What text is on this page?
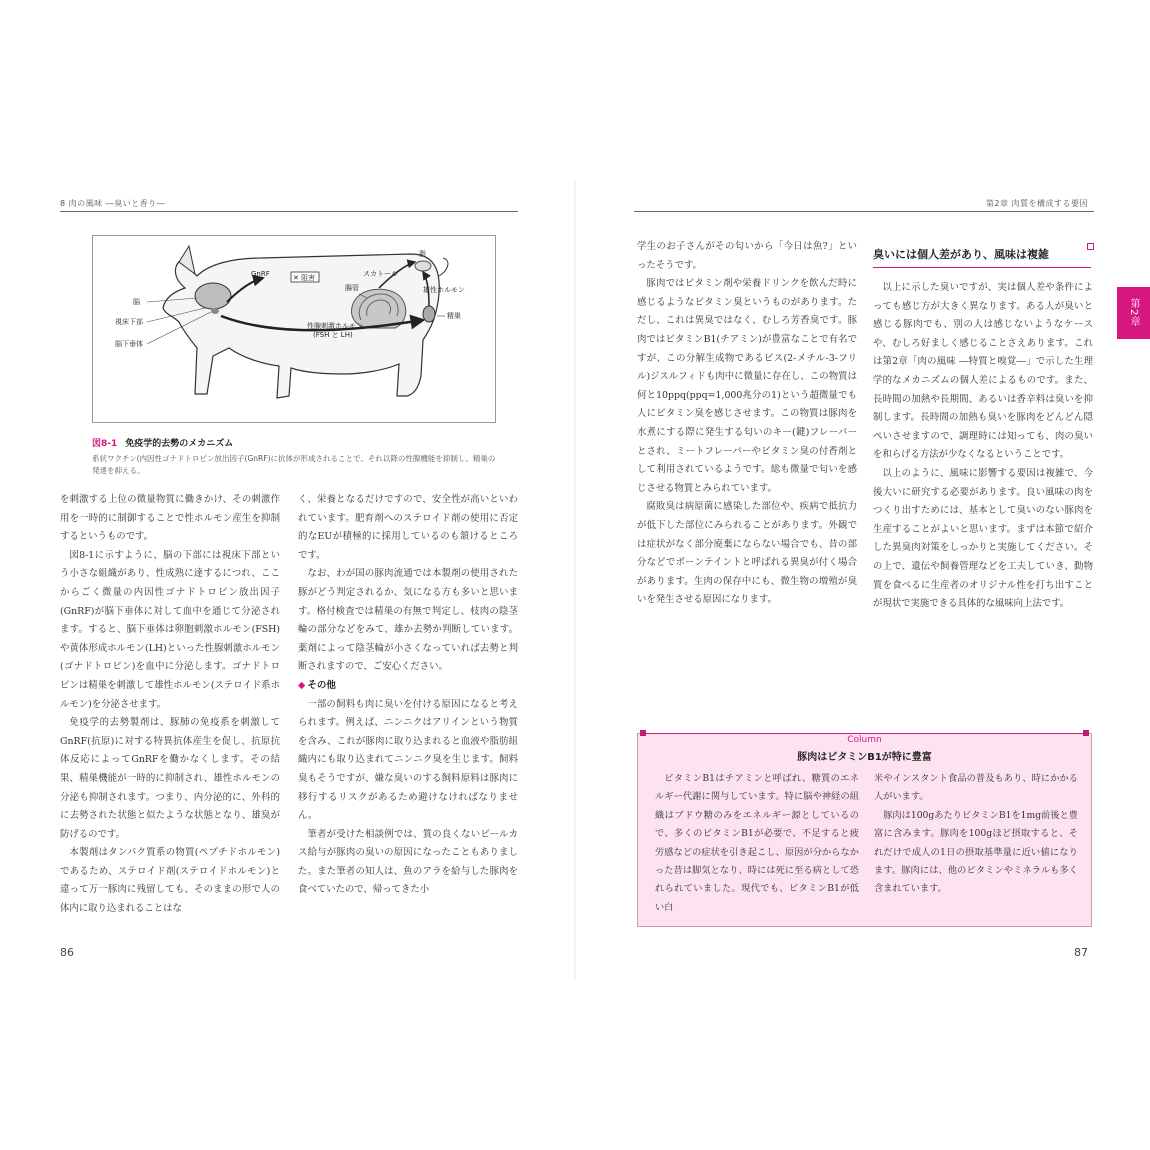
8 肉の風味 ―臭いと香り―	第2章 肉質を構成する要因
第2章
GnRF	✕ 阻害	スカトール
脂
雄性ホルモン
精巣
脳
視床下部
脳下垂体
性腺刺激ホルモン
(FSH と LH)
腸管
図8-1 免疫学的去勢のメカニズム
系状ワクチン(内因性ゴナドトロピン放出因子(GnRF)に抗体が形成されることで、それ以降の性腺機能を抑制し、精巣の発達を抑える。

を刺激する上位の微量物質に働きかけ、その刺激作用を一時的に制御することで性ホルモン産生を抑制するというものです。

図8-1に示すように、脳の下部には視床下部という小さな組織があり、性成熟に達するにつれ、ここからごく微量の内因性ゴナドトロピン放出因子(GnRF)が脳下垂体に対して血中を通じて分泌されます。すると、脳下垂体は卵胞刺激ホルモン(FSH)や黄体形成ホルモン(LH)といった性腺刺激ホルモン(ゴナドトロピン)を血中に分泌します。ゴナドトロピンは精巣を刺激して雄性ホルモン(ステロイド系ホルモン)を分泌させます。

免疫学的去勢製剤は、豚肺の免疫系を刺激してGnRF(抗原)に対する特異抗体産生を促し、抗原抗体反応によってGnRFを働かなくします。その結果、精巣機能が一時的に抑制され、雄性ホルモンの分泌も抑制されます。つまり、内分泌的に、外科的に去勢された状態と似たような状態となり、雄臭が防げるのです。

本製剤はタンパク質系の物質(ペプチドホルモン)であるため、ステロイド剤(ステロイドホルモン)と違って万一豚肉に残留しても、そのままの形で人の体内に取り込まれることはな

く、栄養となるだけですので、安全性が高いといわれています。肥育剤へのステロイド剤の使用に否定的なEUが積極的に採用しているのも頷けるところです。

なお、わが国の豚肉流通では本製剤の使用された豚がどう判定されるか、気になる方も多いと思います。格付検査では精巣の有無で判定し、枝肉の陰茎輪の部分などをみて、雄か去勢か判断しています。薬剤によって陰茎輪が小さくなっていれば去勢と判断されますので、ご安心ください。

◆ その他

一部の飼料も肉に臭いを付ける原因になると考えられます。例えば、ニンニクはアリインという物質を含み、これが豚肉に取り込まれると血液や脂肪組織内にも取り込まれてニンニク臭を生じます。飼料臭もそうですが、嫌な臭いのする飼料原料は豚肉に移行するリスクがあるため避けなければなりません。

筆者が受けた相談例では、質の良くないビールカス給与が豚肉の臭いの原因になったこともありました。また筆者の知人は、魚のアラを給与した豚肉を食べていたので、帰ってきた小

86

学生のお子さんがその匂いから「今日は魚?」といったそうです。

豚肉ではビタミン剤や栄養ドリンクを飲んだ時に感じるようなビタミン臭というものがあります。ただし、これは異臭ではなく、むしろ芳香臭です。豚肉ではビタミンB1(チアミン)が豊富なことで有名ですが、この分解生成物であるビス(2-メチル-3-フリル)ジスルフィドも肉中に微量に存在し、この物質は何と10ppq(ppq=1,000兆分の1)という超微量でも人にビタミン臭を感じさせます。この物質は豚肉を水煮にする際に発生する匂いのキー(鍵)フレーバーとされ、ミートフレーバーやビタミン臭の付香剤として利用されているようです。総も微量で匂いを感じさせる物質とみられています。

腐敗臭は病原菌に感染した部位や、疾病で抵抗力が低下した部位にみられることがあります。外観では症状がなく部分廃棄にならない場合でも、昔の部分などでボーンテイントと呼ばれる異臭が付く場合があります。生肉の保存中にも、微生物の増殖が臭いを発生させる原因になります。

臭いには個人差があり、風味は複雑

以上に示した臭いですが、実は個人差や条件によっても感じ方が大きく異なります。ある人が臭いと感じる豚肉でも、別の人は感じないようなケースや、むしろ好ましく感じることさえあります。これは第2章「肉の風味 ―特質と嗅覚―」で示した生理学的なメカニズムの個人差によるものです。また、長時間の加熱や長期間、あるいは香辛料は臭いを抑制します。長時間の加熱も臭いを豚肉をどんどん隠ぺいさせますので、調理時には知っても、肉の臭いを和らげる方法が少なくなるということです。

以上のように、風味に影響する要因は複雑で、今後大いに研究する必要があります。良い風味の肉をつくり出すためには、基本として臭いのない豚肉を生産することがよいと思います。まずは本節で紹介した異臭肉対策をしっかりと実施してください。その上で、遺伝や飼養管理などを工夫していき、動物質を食べるに生産者のオリジナル性を打ち出すことが現状で実施できる具体的な風味向上法です。

Column
豚肉はビタミンB1が特に豊富

ビタミンB1はチアミンと呼ばれ、糖質のエネルギー代謝に関与しています。特に脳や神経の組織はブドウ糖のみをエネルギー源としているので、多くのビタミンB1が必要で、不足すると疲労感などの症状を引き起こし、原因が分からなかった昔は脚気となり、時には死に至る病として恐れられていました。現代でも、ビタミンB1が低い白

米やインスタント食品の普及もあり、時にかかる人がいます。

豚肉は100gあたりビタミンB1を1mg前後と豊富に含みます。豚肉を100gほど摂取すると、それだけで成人の1日の摂取基準量に近い値になります。豚肉には、他のビタミンやミネラルも多く含まれています。

87
